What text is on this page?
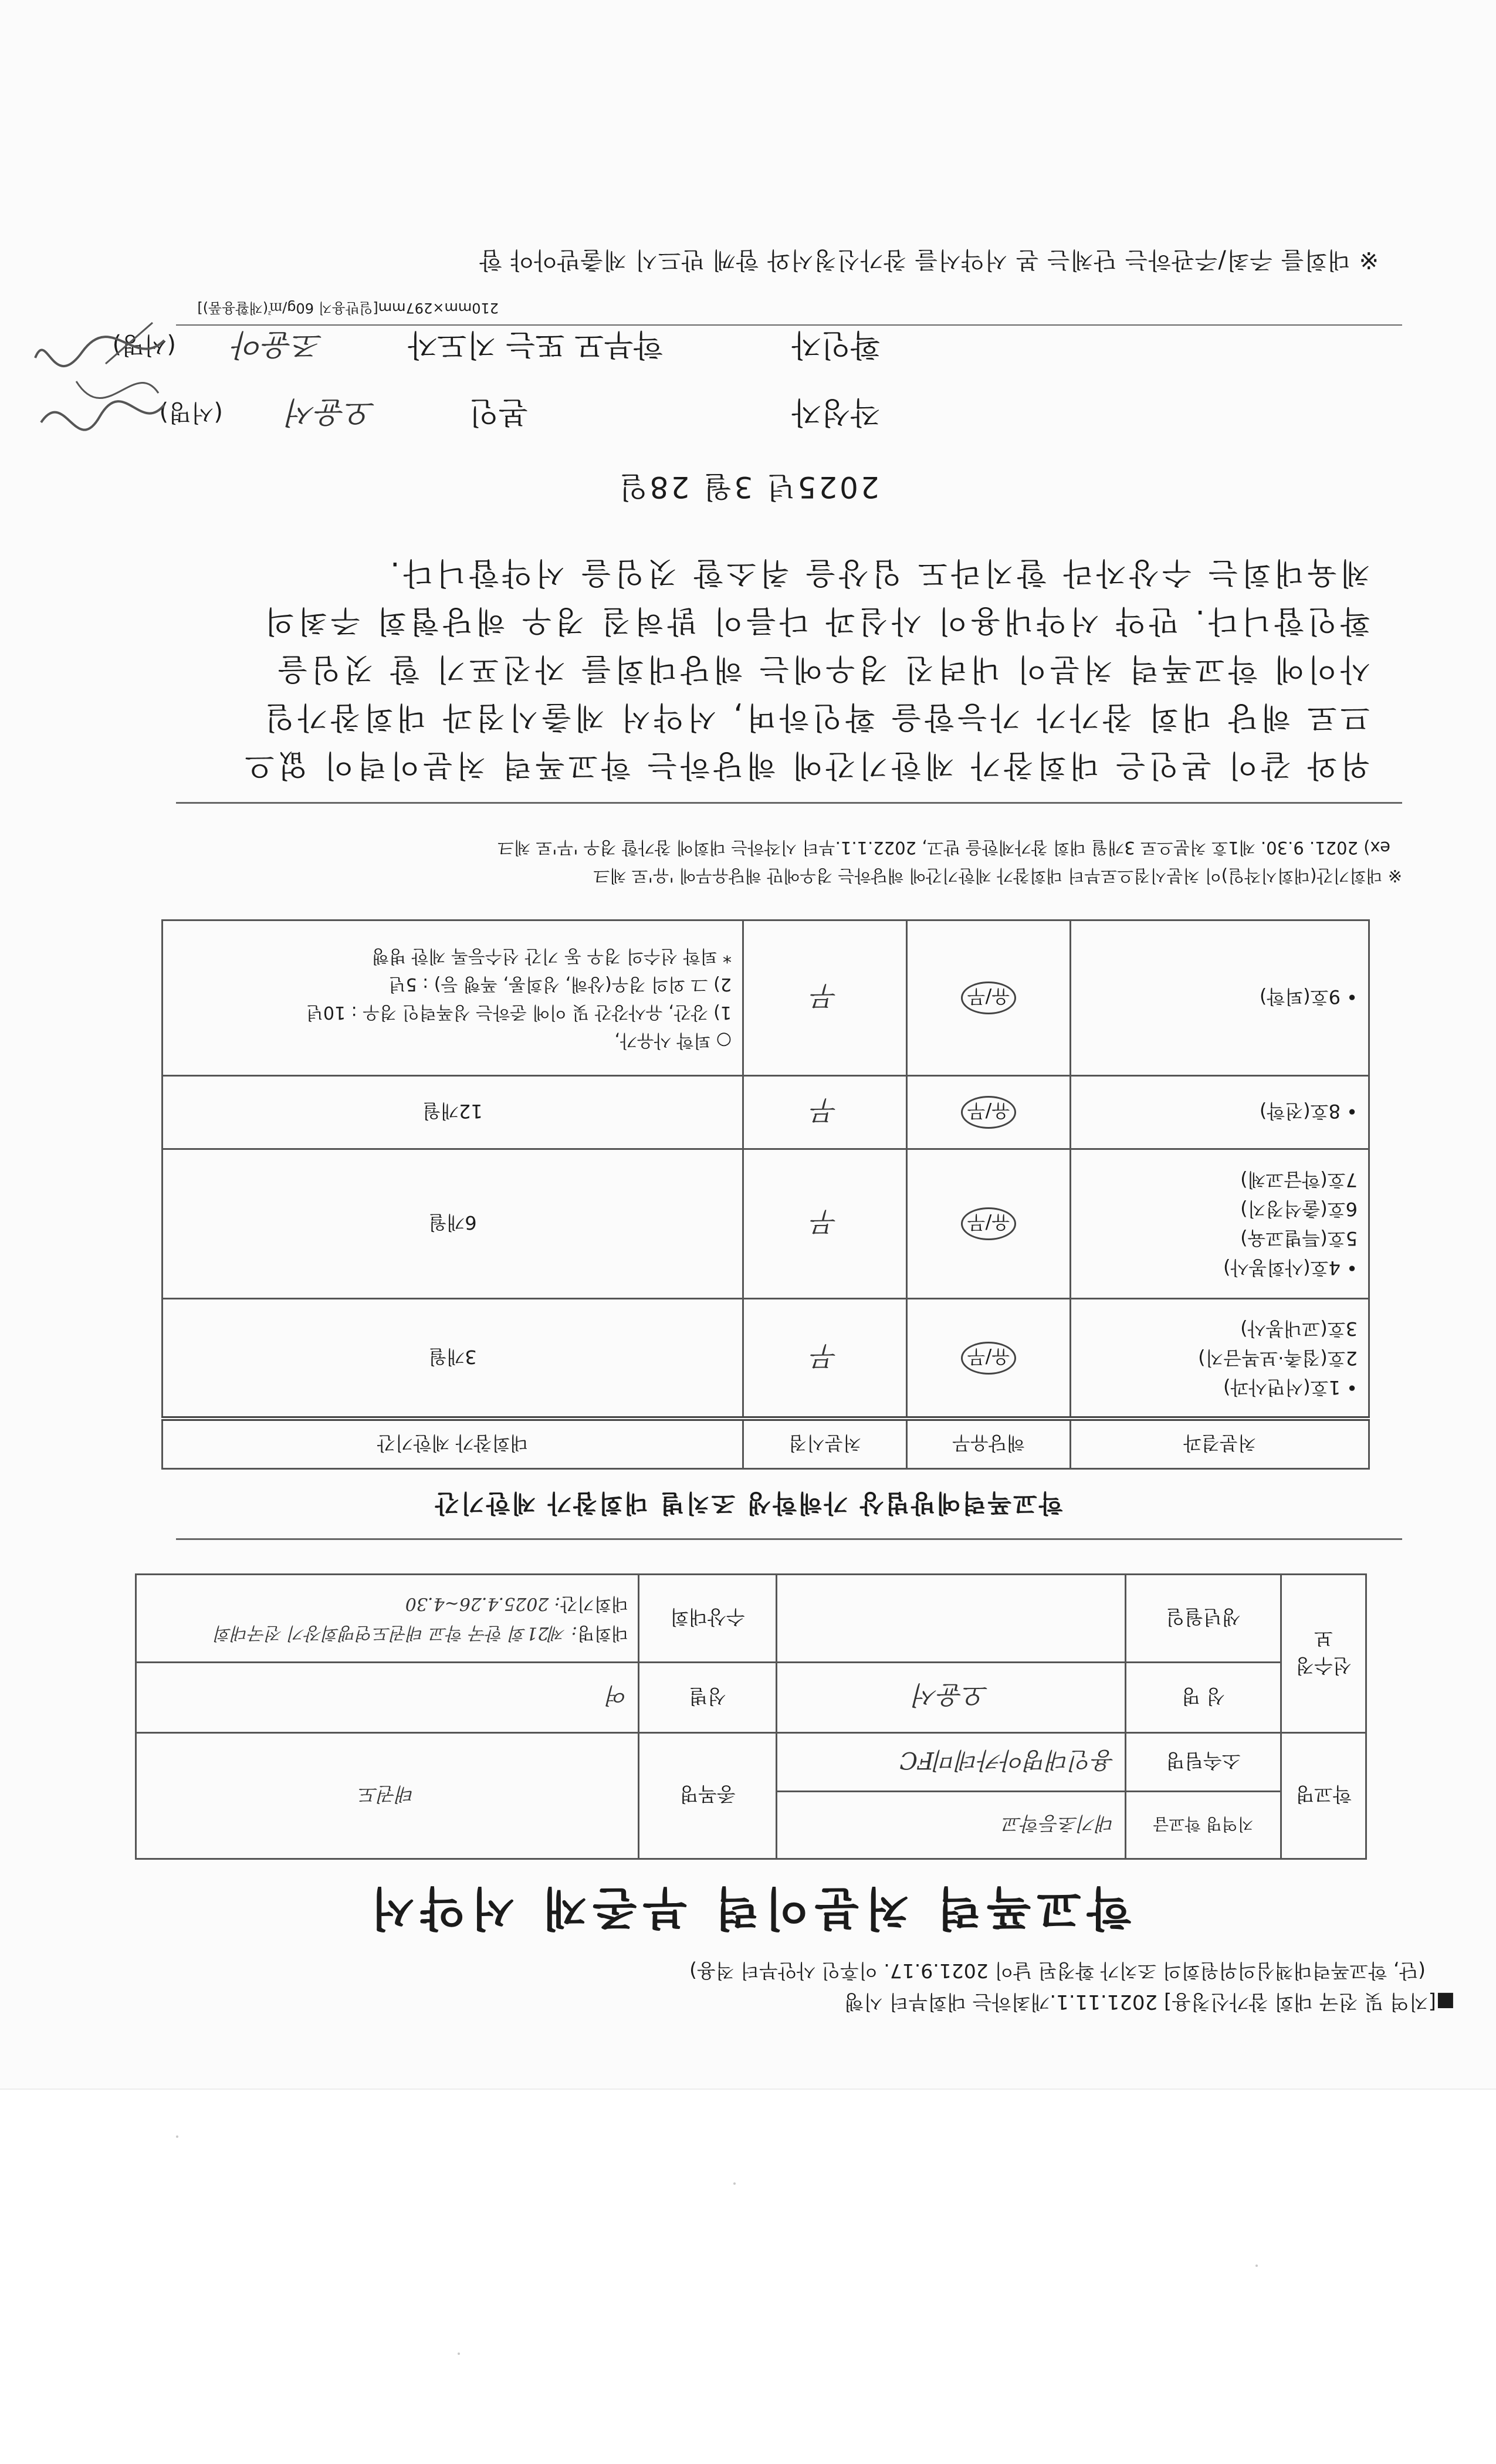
■[지역 및 전국 대회 참가신청용] 2021.11.1.개최하는 대회부터 시행
(단, 학교폭력대책심의위원회의 조치가 확정된 날이 2021.9.17. 이후인 사안부터 적용)
학교폭력 처분이력 부존재 서약서
학교명	지역명 학교급	대기초등학교	종목명	태권도
	소속팀명	용인대명아카데미FC		
선수정보	성 명	오윤서	성별	여
	생년월일		수상대회	대회명: 제21회 한국 학교 태권도연맹회장기 전국대회
대회기간: 2025.4.26~4.30
학교폭력예방법상 가해학생 조치별 대회참가 제한기간
처분결과	해당유무	처분시점	대회참가 제한기간
• 1호(서면사과)
2호(접촉·보복금지)
3호(교내봉사)	유/무	무	3개월
• 4호(사회봉사)
5호(특별교육)
6호(출석정지)
7호(학급교체)	유/무	무	6개월
• 8호(전학)	유/무	무	12개월
• 9호(퇴학)	유/무	무	○ 퇴학 사유가,
1) 강간, 유사강간 및 이에 준하는 성폭력인 경우 : 10년
2) 그 외의 경우(상해, 성희롱, 폭행 등) : 5년
* 퇴학 선수의 경우 동 기간 선수등록 제한 병행
※ 대회기간(대회시작일)이 처분시점으로부터 대회참가 제한기간에 해당하는 경우에만 해당유무에 '유'로 체크
ex) 2021. 9.30. 제1호 처분으로 3개월 대회 참가제한을 받고, 2022.1.1.부터 시작하는 대회에 참가할 경우 '무'로 체크
위와 같이 본인은 대회참가 제한기간에 해당하는 학교폭력 처분이력이 없으
므로 해당 대회 참가가 가능함을 확인하며, 서약서 제출시점과 대회참가일
사이에 학교폭력 처분이 내려진 경우에는 해당대회를 자진포기 할 것임을
확인합니다. 만약 서약내용이 사실과 다름이 밝혀질 경우 해당협회 주최의
체육대회는 수상자라 할지라도 입상을 취소할 것임을 서약합니다.
2025년 3월 28일
작성자
본인
오윤서
(서명)
확인자
학부모 또는 지도자
조윤아
(서명)
210mm×297mm[일반용지 60g/㎡(재활용품)]
※ 대회를 주최/주관하는 단체는 본 서약서를 참가신청서와 함께 반드시 제출받아야 함
